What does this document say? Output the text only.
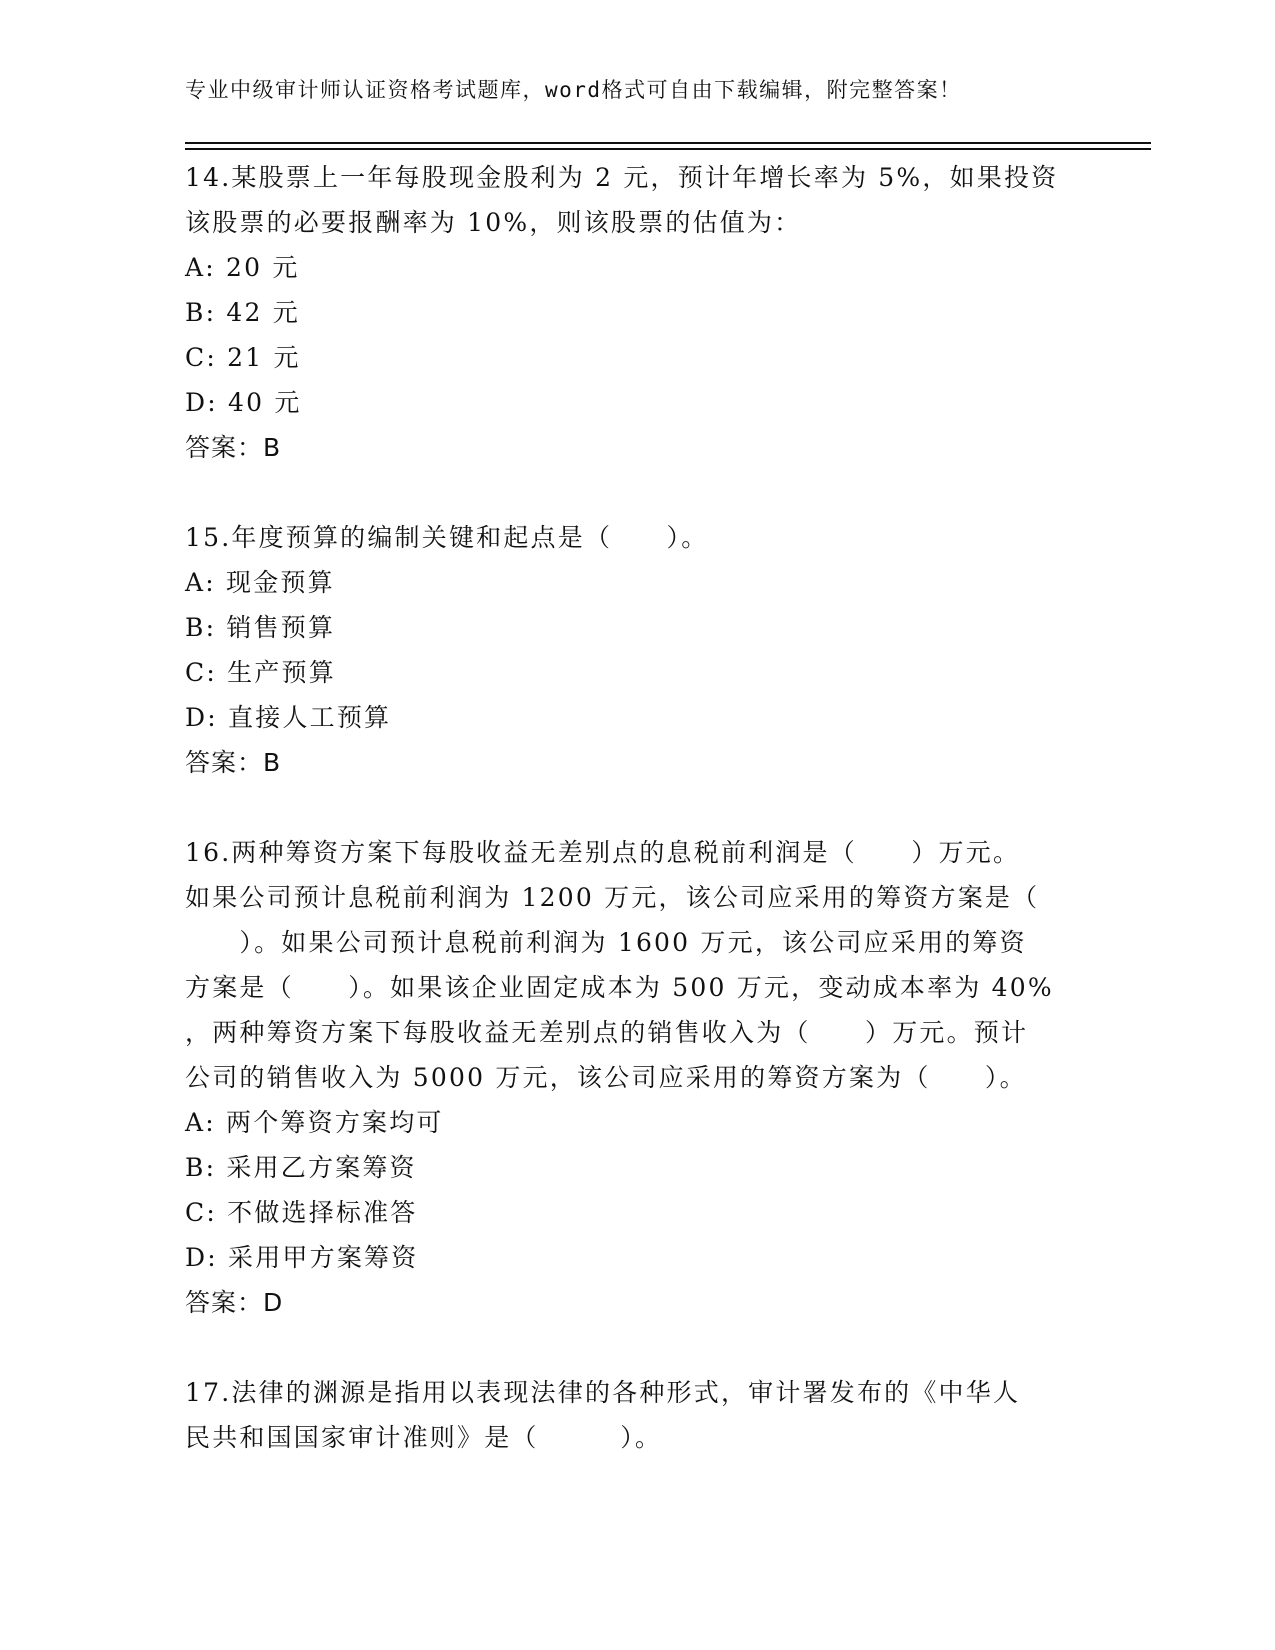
专业中级审计师认证资格考试题库，word格式可自由下载编辑，附完整答案！
14.某股票上一年每股现金股利为 2 元，预计年增长率为 5%，如果投资
该股票的必要报酬率为 10%，则该股票的估值为：
A: 20 元
B: 42 元
C: 21 元
D: 40 元
答案：B
15.年度预算的编制关键和起点是（　　）。
A: 现金预算
B: 销售预算
C: 生产预算
D: 直接人工预算
答案：B
16.两种筹资方案下每股收益无差别点的息税前利润是（　　）万元。
如果公司预计息税前利润为 1200 万元，该公司应采用的筹资方案是（
　　）。如果公司预计息税前利润为 1600 万元，该公司应采用的筹资
方案是（　　）。如果该企业固定成本为 500 万元，变动成本率为 40%
，两种筹资方案下每股收益无差别点的销售收入为（　　）万元。预计
公司的销售收入为 5000 万元，该公司应采用的筹资方案为（　　）。
A: 两个筹资方案均可
B: 采用乙方案筹资
C: 不做选择标准答
D: 采用甲方案筹资
答案：D
17.法律的渊源是指用以表现法律的各种形式，审计署发布的《中华人
民共和国国家审计准则》是（　　　）。
